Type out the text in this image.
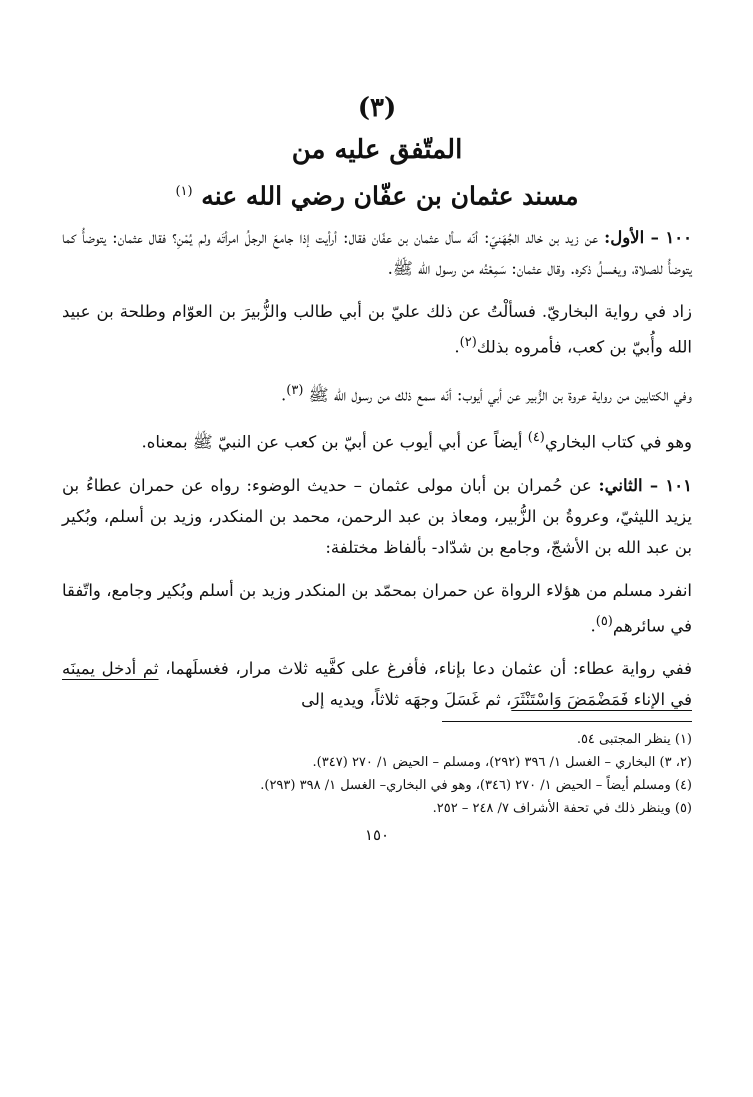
(٣)

المتّفق عليه من

مسند عثمان بن عفّان رضي الله عنه $^{(١)}$

١٠٠ – الأول: عن زيد بن خالد الجُهَنيّ: أنّه سأل عثمان بن عفّان فقال: أرأيت إذا جامعَ الرجلُ امرأتَه ولم يُمْنِ؟ فقال عثمان: يتوضأُ كما يتوضأُ للصلاة، ويغسلُ ذكره. وقال عثمان: سَمِعْتُه من رسول الله ﷺ.

زاد في رواية البخاريّ. فسألْتُ عن ذلك عليّ بن أبي طالب والزُّبيرَ بن العوّام وطلحة بن عبيد الله وأُبيّ بن كعب، فأمروه بذلك$^{(٢)}$.

وفي الكتابين من رواية عروة بن الزُّبير عن أبي أيوب: أنّه سمع ذلك من رسول الله ﷺ $^{(٣)}$.

وهو في كتاب البخاري$^{(٤)}$ أيضاً عن أبي أيوب عن أبيّ بن كعب عن النبيّ ﷺ بمعناه.

١٠١ – الثاني: عن حُمران بن أبان مولى عثمان – حديث الوضوء: رواه عن حمران عطاءُ بن يزيد الليثيّ، وعروةُ بن الزُّبير، ومعاذ بن عبد الرحمن، محمد بن المنكدر، وزيد بن أسلم، وبُكير بن عبد الله بن الأشجّ، وجامع بن شدّاد- بألفاظ مختلفة:

انفرد مسلم من هؤلاء الرواة عن حمران بمحمّد بن المنكدر وزيد بن أسلم وبُكير وجامع، واتّفقا في سائرهم$^{(٥)}$.

ففي رواية عطاء: أن عثمان دعا بإناء، فأفرغ على كفَّيه ثلاث مرار، فغسلَهما، ثم أدخل يمينَه في الإناء فَمَضْمَضَ وَاسْتَنْثَرَ، ثم غَسَلَ وجهَه ثلاثاً، ويديه إلى

(١) ينظر المجتبى ٥٤.

(٢، ٣) البخاري – الغسل ١/ ٣٩٦ (٢٩٢)، ومسلم – الحيض ١/ ٢٧٠ (٣٤٧).

(٤) ومسلم أيضاً – الحيض ١/ ٢٧٠ (٣٤٦)، وهو في البخاري– الغسل ١/ ٣٩٨ (٢٩٣).

(٥) وينظر ذلك في تحفة الأشراف ٧/ ٢٤٨ – ٢٥٢.

١٥٠
